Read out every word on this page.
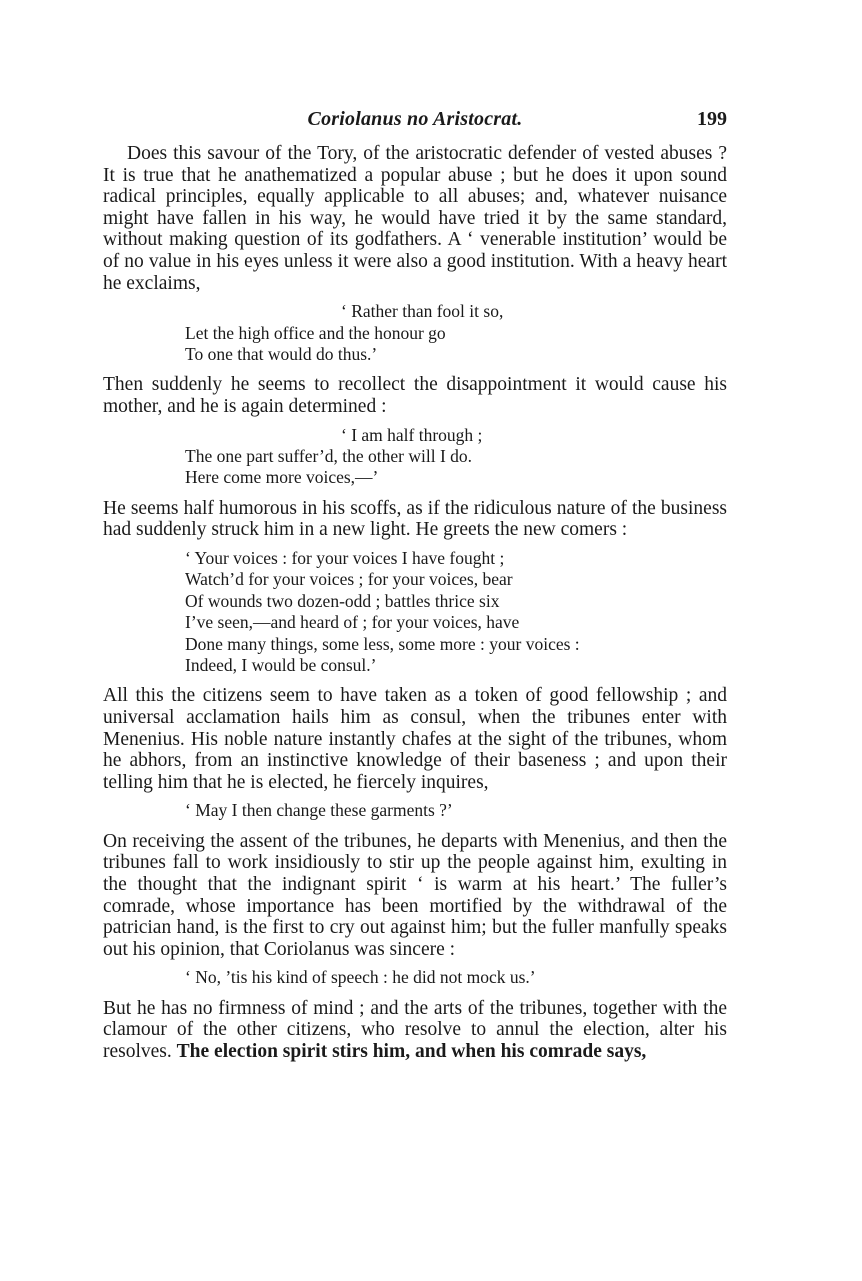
Coriolanus no Aristocrat.	199

Does this savour of the Tory, of the aristocratic defender of vested abuses ? It is true that he anathematized a popular abuse ; but he does it upon sound radical principles, equally applicable to all abuses; and, whatever nuisance might have fallen in his way, he would have tried it by the same standard, without making question of its godfathers. A ‘ venerable institution’ would be of no value in his eyes unless it were also a good institution. With a heavy heart he exclaims,

‘ Rather than fool it so,
Let the high office and the honour go
To one that would do thus.’

Then suddenly he seems to recollect the disappointment it would cause his mother, and he is again determined :

‘ I am half through ;
The one part suffer’d, the other will I do.
Here come more voices,—’

He seems half humorous in his scoffs, as if the ridiculous nature of the business had suddenly struck him in a new light. He greets the new comers :

‘ Your voices : for your voices I have fought ;
Watch’d for your voices ; for your voices, bear
Of wounds two dozen-odd ; battles thrice six
I’ve seen,—and heard of ; for your voices, have
Done many things, some less, some more : your voices :
Indeed, I would be consul.’

All this the citizens seem to have taken as a token of good fellowship ; and universal acclamation hails him as consul, when the tribunes enter with Menenius. His noble nature instantly chafes at the sight of the tribunes, whom he abhors, from an instinctive knowledge of their baseness ; and upon their telling him that he is elected, he fiercely inquires,

‘ May I then change these garments ?’

On receiving the assent of the tribunes, he departs with Menenius, and then the tribunes fall to work insidiously to stir up the people against him, exulting in the thought that the indignant spirit ‘ is warm at his heart.’ The fuller’s comrade, whose importance has been mortified by the withdrawal of the patrician hand, is the first to cry out against him; but the fuller manfully speaks out his opinion, that Coriolanus was sincere :

‘ No, ’tis his kind of speech : he did not mock us.’

But he has no firmness of mind ; and the arts of the tribunes, together with the clamour of the other citizens, who resolve to annul the election, alter his resolves. The election spirit stirs him, and when his comrade says,
